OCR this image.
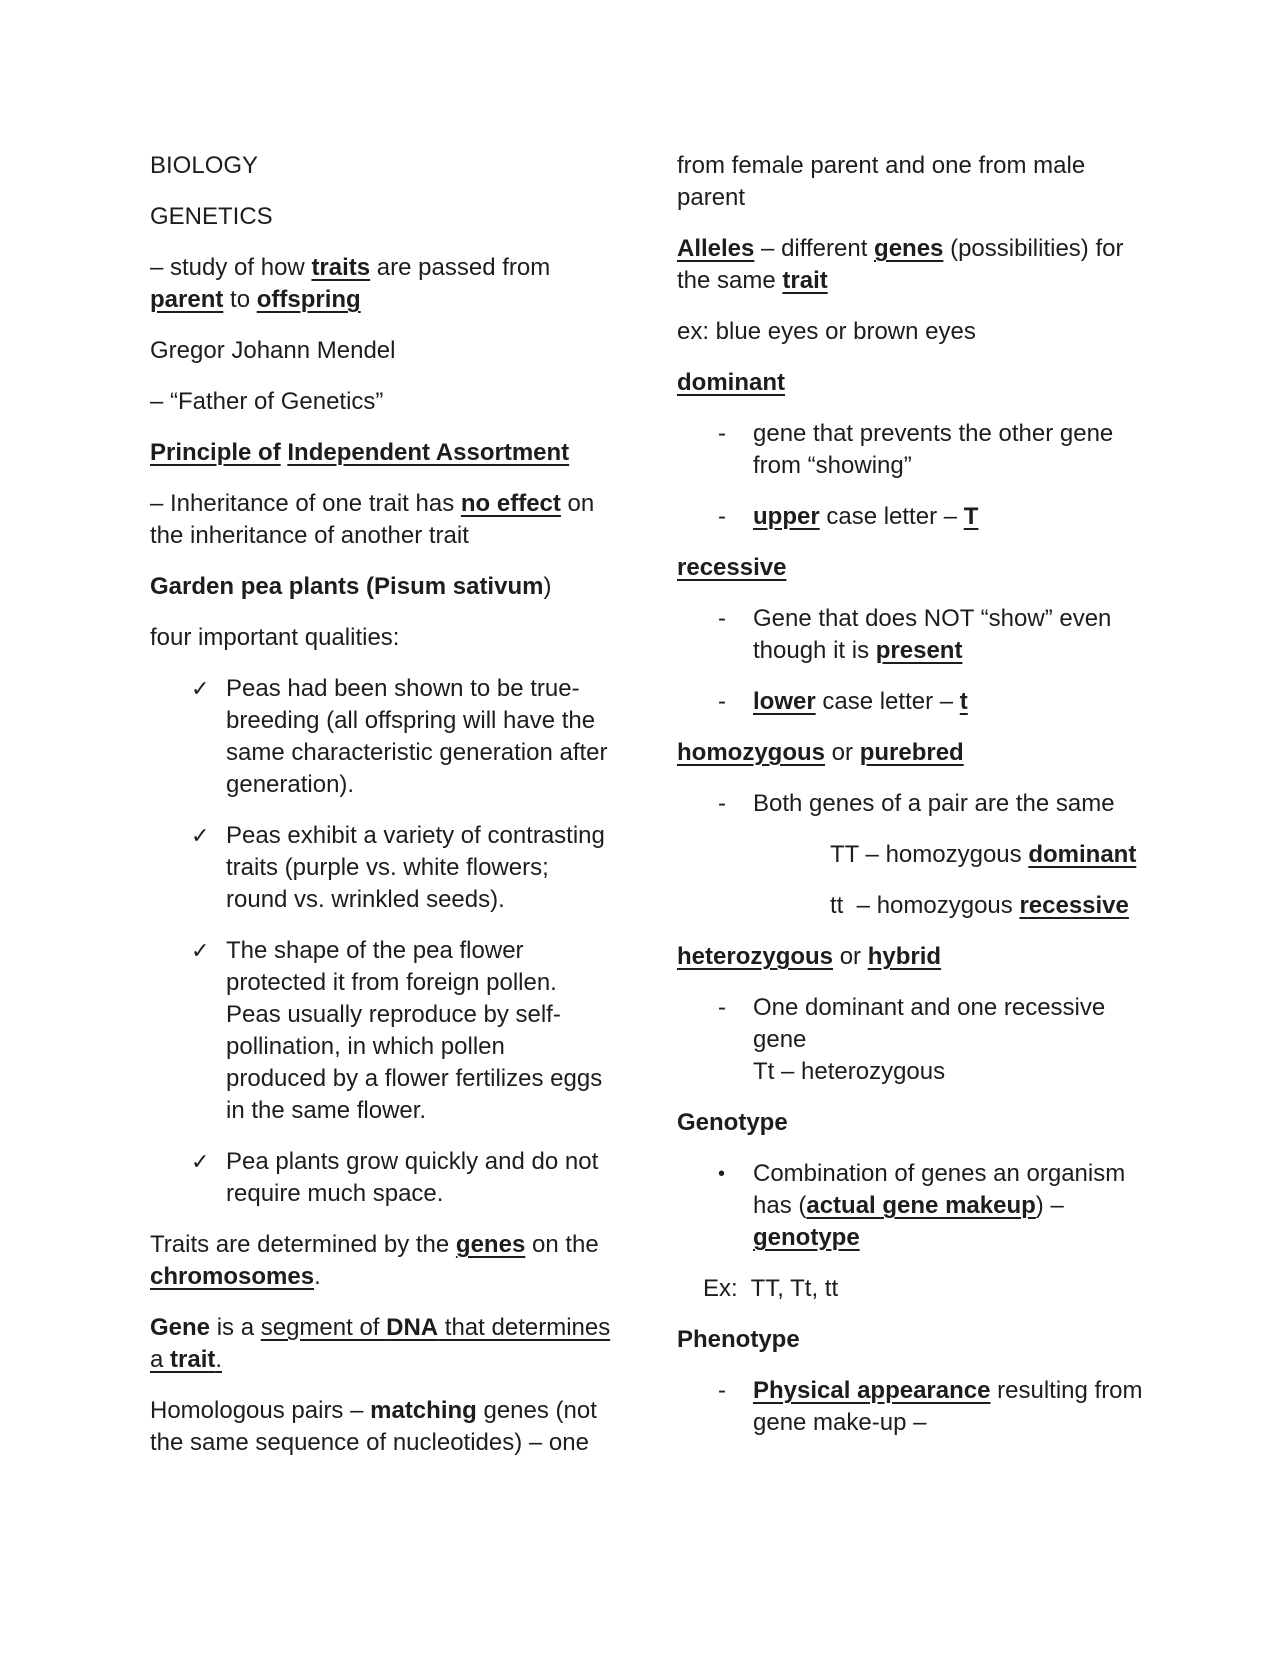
BIOLOGY
GENETICS
– study of how traits are passed from
parent to offspring
Gregor Johann Mendel
– “Father of Genetics”
Principle of Independent Assortment
– Inheritance of one trait has no effect on
the inheritance of another trait
Garden pea plants (Pisum sativum)
four important qualities:
✓ Peas had been shown to be true-
breeding (all offspring will have the
same characteristic generation after
generation).
✓ Peas exhibit a variety of contrasting
traits (purple vs. white flowers;
round vs. wrinkled seeds).
✓ The shape of the pea flower
protected it from foreign pollen.
Peas usually reproduce by self-
pollination, in which pollen
produced by a flower fertilizes eggs
in the same flower.
✓ Pea plants grow quickly and do not
require much space.
Traits are determined by the genes on the
chromosomes.
Gene is a segment of DNA that determines
a trait.
Homologous pairs – matching genes (not
the same sequence of nucleotides) – one
from female parent and one from male
parent
Alleles – different genes (possibilities) for
the same trait
ex: blue eyes or brown eyes
dominant
- gene that prevents the other gene
from “showing”
- upper case letter – T
recessive
- Gene that does NOT “show” even
though it is present
- lower case letter – t
homozygous or purebred
- Both genes of a pair are the same
TT – homozygous dominant
tt  – homozygous recessive
heterozygous or hybrid
- One dominant and one recessive
gene
Tt – heterozygous
Genotype
• Combination of genes an organism
has (actual gene makeup) –
genotype
Ex:  TT, Tt, tt
Phenotype
- Physical appearance resulting from
gene make-up –
